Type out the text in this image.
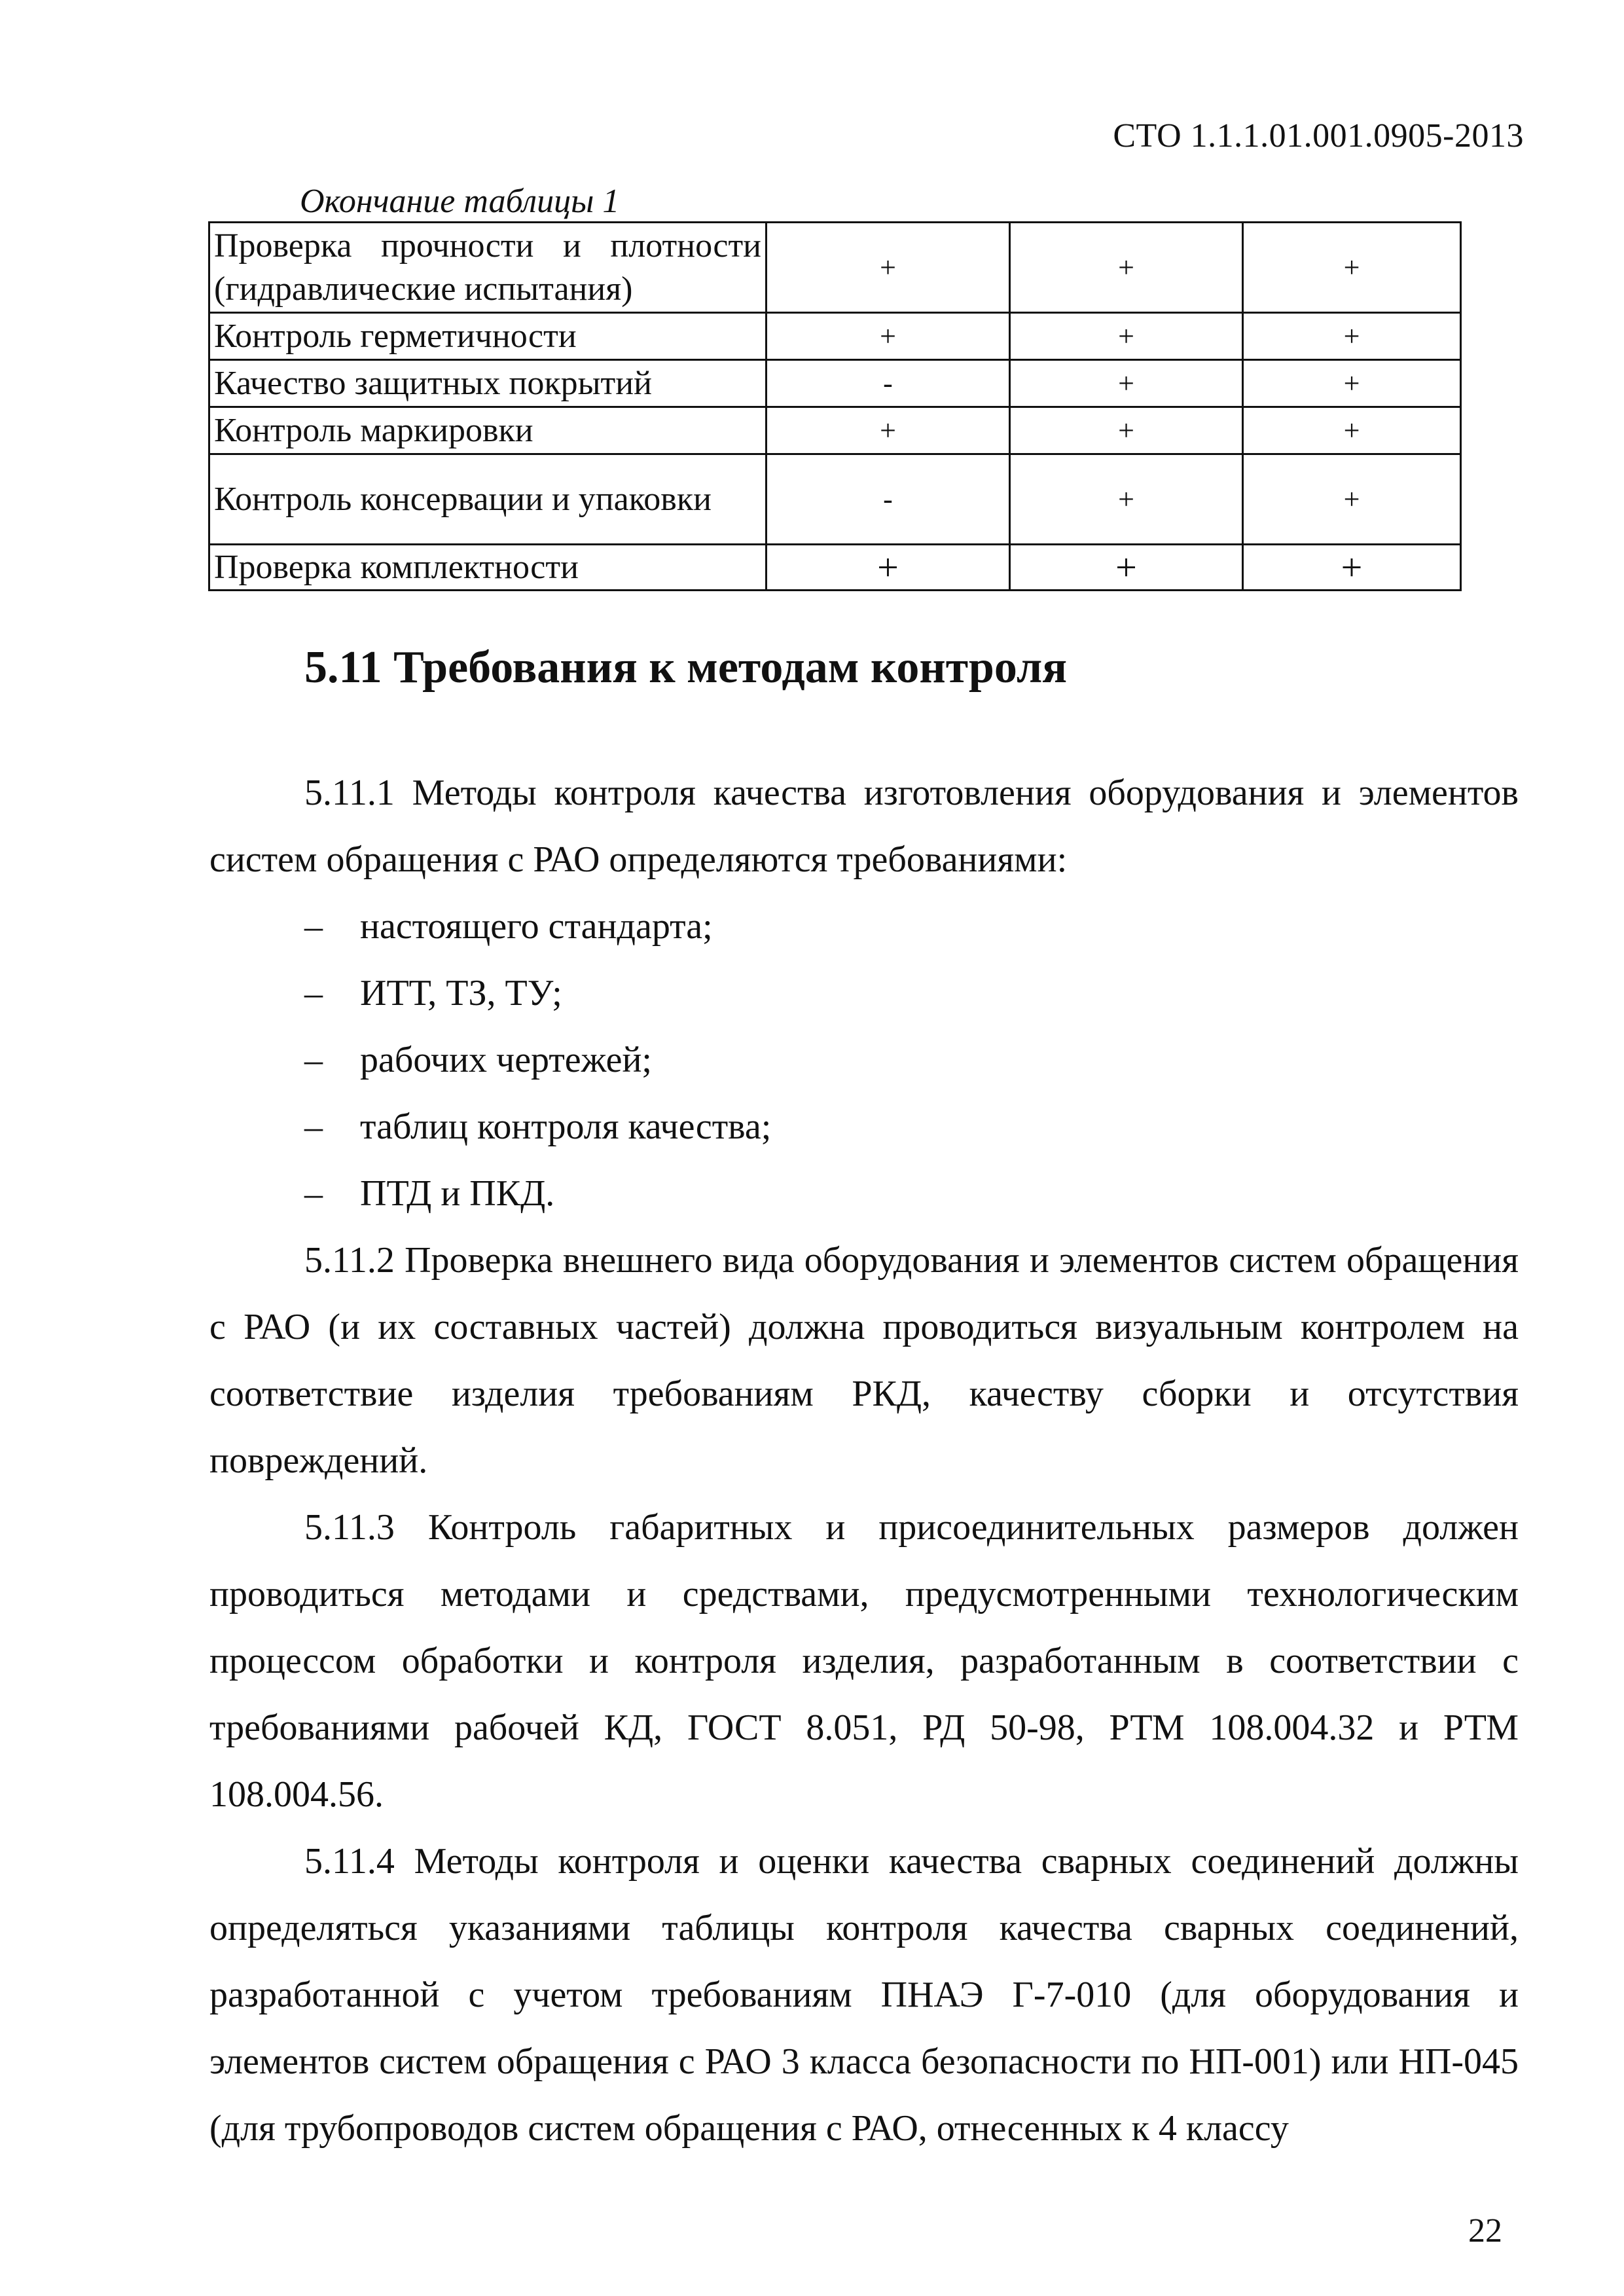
СТО 1.1.1.01.001.0905-2013
Окончание таблицы 1
Проверка прочности и плотности (гидравлические испытания)	+	+	+
Контроль герметичности	+	+	+
Качество защитных покрытий	-	+	+
Контроль маркировки	+	+	+
Контроль консервации и упаковки	-	+	+
Проверка комплектности	+	+	+
5.11 Требования к методам контроля

5.11.1 Методы контроля качества изготовления оборудования и элементов систем обращения с РАО определяются требованиями:

– настоящего стандарта;
– ИТТ, ТЗ, ТУ;
– рабочих чертежей;
– таблиц контроля качества;
– ПТД и ПКД.

5.11.2 Проверка внешнего вида оборудования и элементов систем обращения с РАО (и их составных частей) должна проводиться визуальным контролем на соответствие изделия требованиям РКД, качеству сборки и отсутствия повреждений.

5.11.3 Контроль габаритных и присоединительных размеров должен проводиться методами и средствами, предусмотренными технологическим процессом обработки и контроля изделия, разработанным в соответствии с требованиями рабочей КД, ГОСТ 8.051, РД 50-98, РТМ 108.004.32 и РТМ 108.004.56.

5.11.4 Методы контроля и оценки качества сварных соединений должны определяться указаниями таблицы контроля качества сварных соединений, разработанной с учетом требованиям ПНАЭ Г-7-010 (для оборудования и элементов систем обращения с РАО 3 класса безопасности по НП-001) или НП-045 (для трубопроводов систем обращения с РАО, отнесенных к 4 классу

22
